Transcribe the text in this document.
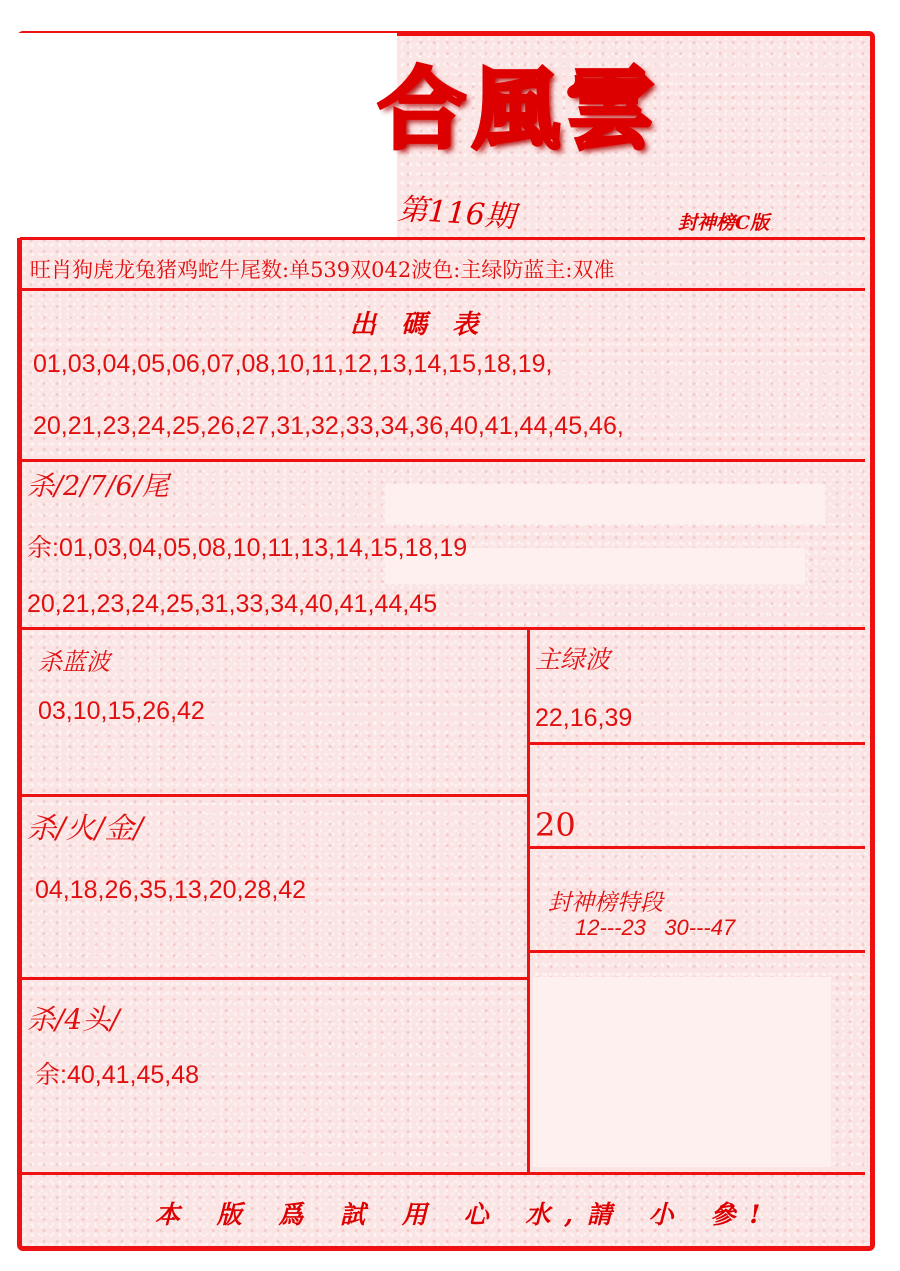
合風雲
第116期	封神榜C版
旺肖狗虎龙兔猪鸡蛇牛尾数:单539双042波色:主绿防蓝主:双准
出 碼 表
01,03,04,05,06,07,08,10,11,12,13,14,15,18,19,
20,21,23,24,25,26,27,31,32,33,34,36,40,41,44,45,46,
杀/2/7/6/尾
余:01,03,04,05,08,10,11,13,14,15,18,19
20,21,23,24,25,31,33,34,40,41,44,45
杀蓝波
03,10,15,26,42
主绿波
22,16,39
20
杀/火/金/
04,18,26,35,13,20,28,42	封神榜特段
12---23   30---47
杀/4头/
余:40,41,45,48
本 版 爲 試 用 心 水,請 小 參!
